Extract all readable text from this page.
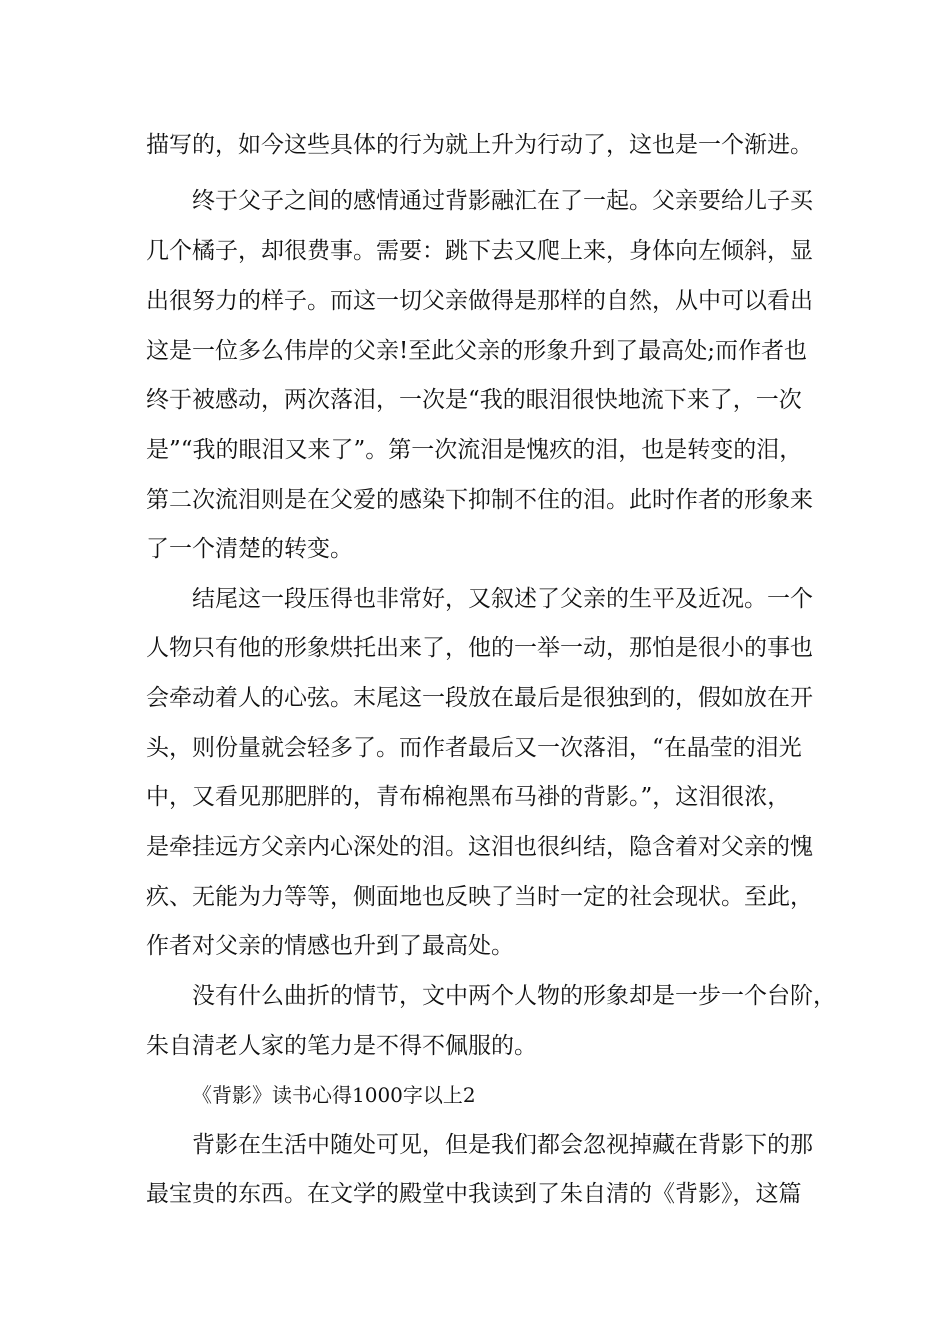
描写的，如今这些具体的行为就上升为行动了，这也是一个渐进。
终于父子之间的感情通过背影融汇在了一起。父亲要给儿子买
几个橘子，却很费事。需要：跳下去又爬上来，身体向左倾斜，显
出很努力的样子。而这一切父亲做得是那样的自然，从中可以看出
这是一位多么伟岸的父亲!至此父亲的形象升到了最高处;而作者也
终于被感动，两次落泪，一次是“我的眼泪很快地流下来了，一次
是”“我的眼泪又来了”。第一次流泪是愧疚的泪，也是转变的泪，
第二次流泪则是在父爱的感染下抑制不住的泪。此时作者的形象来
了一个清楚的转变。
结尾这一段压得也非常好，又叙述了父亲的生平及近况。一个
人物只有他的形象烘托出来了，他的一举一动，那怕是很小的事也
会牵动着人的心弦。末尾这一段放在最后是很独到的，假如放在开
头，则份量就会轻多了。而作者最后又一次落泪，“在晶莹的泪光
中，又看见那肥胖的，青布棉袍黑布马褂的背影。”，这泪很浓，
是牵挂远方父亲内心深处的泪。这泪也很纠结，隐含着对父亲的愧
疚、无能为力等等，侧面地也反映了当时一定的社会现状。至此，
作者对父亲的情感也升到了最高处。
没有什么曲折的情节，文中两个人物的形象却是一步一个台阶，
朱自清老人家的笔力是不得不佩服的。
《背影》读书心得1000字以上2
背影在生活中随处可见，但是我们都会忽视掉藏在背影下的那
最宝贵的东西。在文学的殿堂中我读到了朱自清的《背影》，这篇
